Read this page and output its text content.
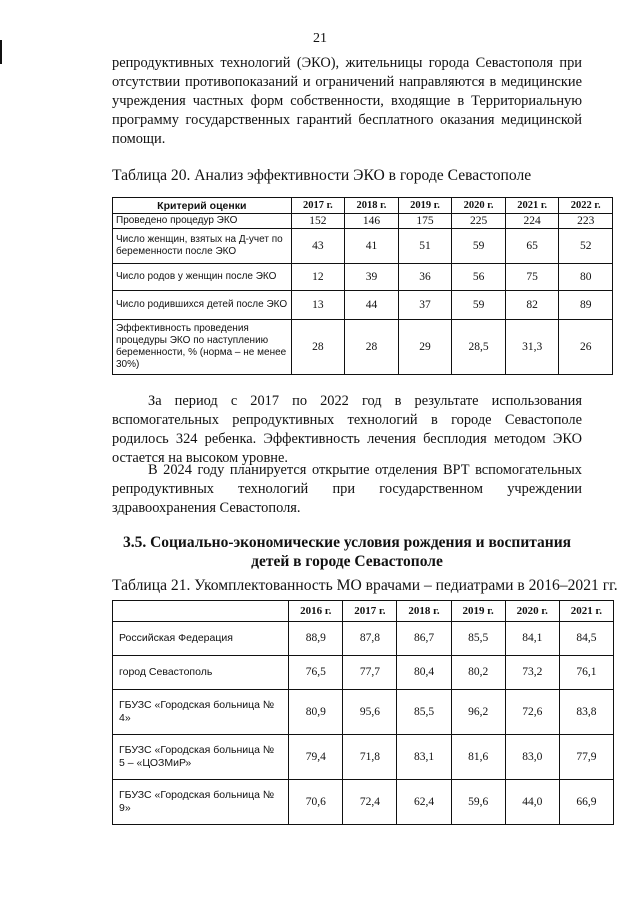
21

репродуктивных технологий (ЭКО), жительницы города Севастополя при отсутствии противопоказаний и ограничений направляются в медицинские учреждения частных форм собственности, входящие в Территориальную программу государственных гарантий бесплатного оказания медицинской помощи.

Таблица 20. Анализ эффективности ЭКО в городе Севастополе
Критерий оценки	2017 г.	2018 г.	2019 г.	2020 г.	2021 г.	2022 г.
Проведено процедур ЭКО	152	146	175	225	224	223
Число женщин, взятых на Д-учет по беременности после ЭКО	43	41	51	59	65	52
Число родов у женщин после ЭКО	12	39	36	56	75	80
Число родившихся детей после ЭКО	13	44	37	59	82	89
Эффективность проведения процедуры ЭКО по наступлению беременности, % (норма – не менее 30%)	28	28	29	28,5	31,3	26

За период с 2017 по 2022 год в результате использования вспомогательных репродуктивных технологий в городе Севастополе родилось 324 ребенка. Эффективность лечения бесплодия методом ЭКО остается на высоком уровне.

В 2024 году планируется открытие отделения ВРТ вспомогательных репродуктивных технологий при государственном учреждении здравоохранения Севастополя.

3.5. Социально-экономические условия рождения и воспитания
детей в городе Севастополе
Таблица 21. Укомплектованность МО врачами – педиатрами в 2016–2021 гг.
	2016 г.	2017 г.	2018 г.	2019 г.	2020 г.	2021 г.
Российская Федерация	88,9	87,8	86,7	85,5	84,1	84,5
город Севастополь	76,5	77,7	80,4	80,2	73,2	76,1
ГБУЗС «Городская больница № 4»	80,9	95,6	85,5	96,2	72,6	83,8
ГБУЗС «Городская больница № 5 – «ЦОЗМиР»	79,4	71,8	83,1	81,6	83,0	77,9
ГБУЗС «Городская больница № 9»	70,6	72,4	62,4	59,6	44,0	66,9
